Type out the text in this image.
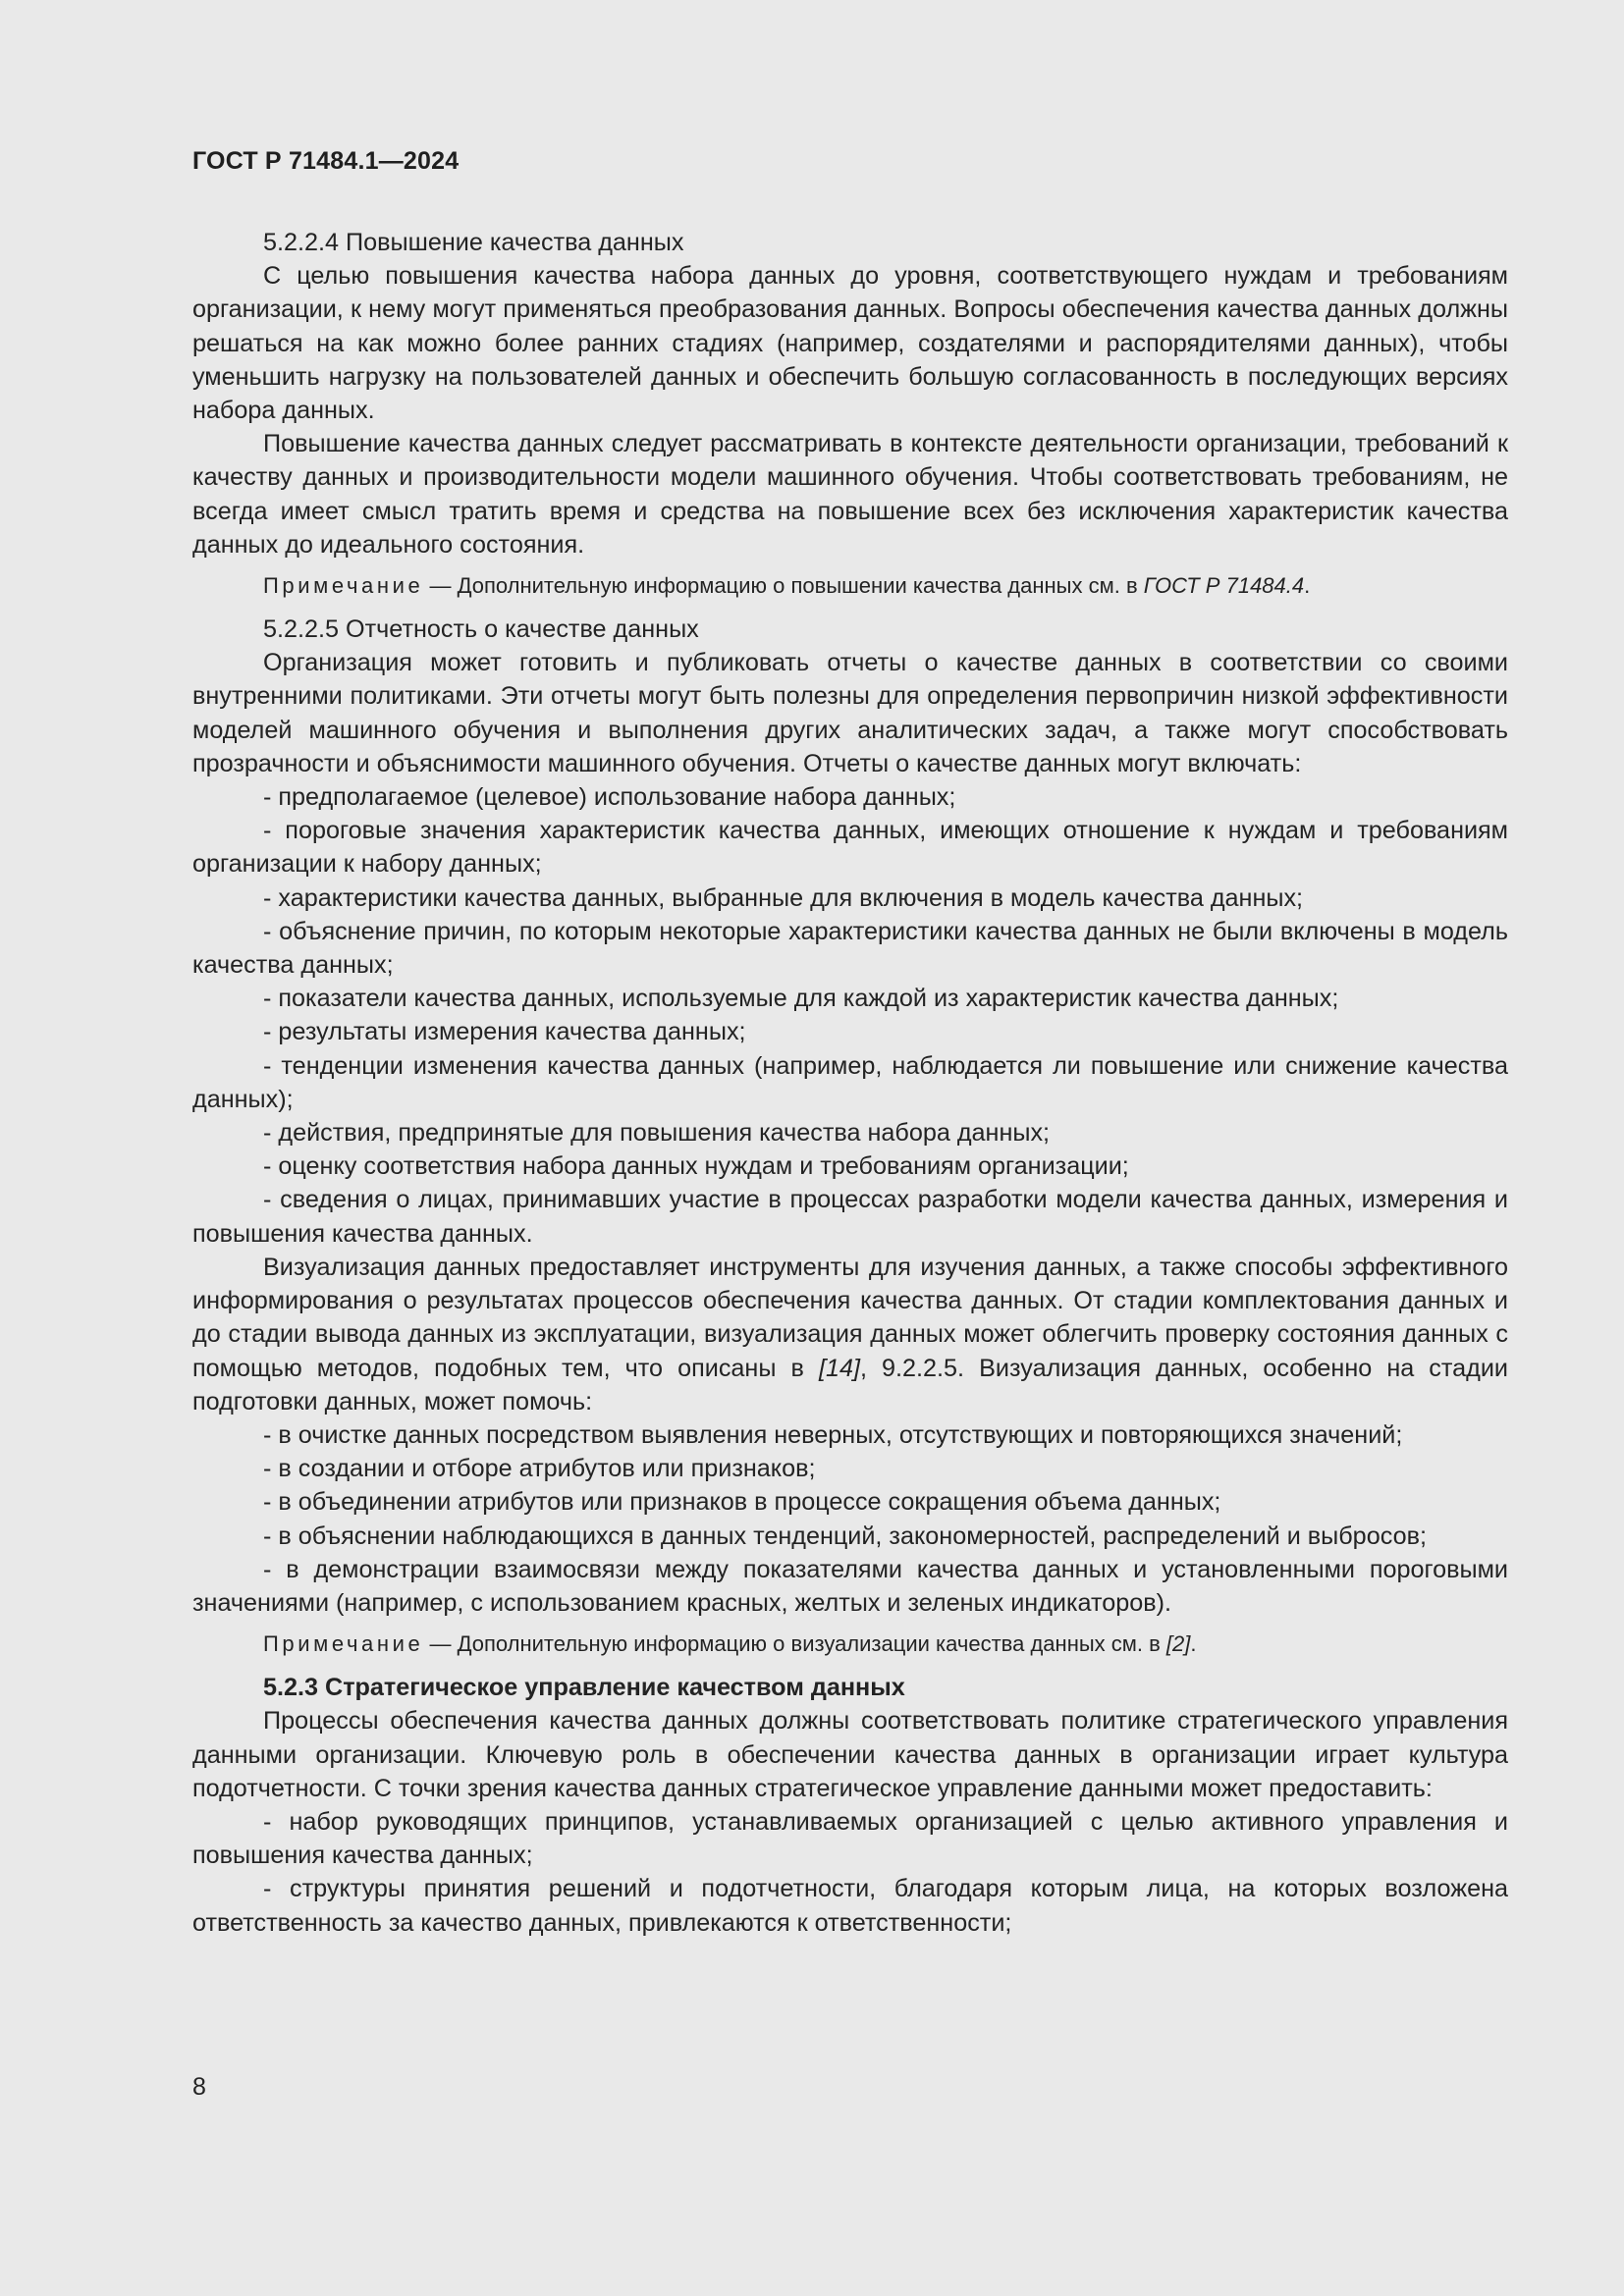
ГОСТ Р 71484.1—2024

5.2.2.4 Повышение качества данных

С целью повышения качества набора данных до уровня, соответствующего нуждам и требованиям организации, к нему могут применяться преобразования данных. Вопросы обеспечения качества данных должны решаться на как можно более ранних стадиях (например, создателями и распорядителями данных), чтобы уменьшить нагрузку на пользователей данных и обеспечить большую согласованность в последующих версиях набора данных.

Повышение качества данных следует рассматривать в контексте деятельности организации, требований к качеству данных и производительности модели машинного обучения. Чтобы соответствовать требованиям, не всегда имеет смысл тратить время и средства на повышение всех без исключения характеристик качества данных до идеального состояния.

Примечание — Дополнительную информацию о повышении качества данных см. в ГОСТ Р 71484.4.

5.2.2.5 Отчетность о качестве данных

Организация может готовить и публиковать отчеты о качестве данных в соответствии со своими внутренними политиками. Эти отчеты могут быть полезны для определения первопричин низкой эффективности моделей машинного обучения и выполнения других аналитических задач, а также могут способствовать прозрачности и объяснимости машинного обучения. Отчеты о качестве данных могут включать:

- предполагаемое (целевое) использование набора данных;

- пороговые значения характеристик качества данных, имеющих отношение к нуждам и требованиям организации к набору данных;

- характеристики качества данных, выбранные для включения в модель качества данных;

- объяснение причин, по которым некоторые характеристики качества данных не были включены в модель качества данных;

- показатели качества данных, используемые для каждой из характеристик качества данных;

- результаты измерения качества данных;

- тенденции изменения качества данных (например, наблюдается ли повышение или снижение качества данных);

- действия, предпринятые для повышения качества набора данных;

- оценку соответствия набора данных нуждам и требованиям организации;

- сведения о лицах, принимавших участие в процессах разработки модели качества данных, измерения и повышения качества данных.

Визуализация данных предоставляет инструменты для изучения данных, а также способы эффективного информирования о результатах процессов обеспечения качества данных. От стадии комплектования данных и до стадии вывода данных из эксплуатации, визуализация данных может облегчить проверку состояния данных с помощью методов, подобных тем, что описаны в [14], 9.2.2.5. Визуализация данных, особенно на стадии подготовки данных, может помочь:

- в очистке данных посредством выявления неверных, отсутствующих и повторяющихся значений;

- в создании и отборе атрибутов или признаков;

- в объединении атрибутов или признаков в процессе сокращения объема данных;

- в объяснении наблюдающихся в данных тенденций, закономерностей, распределений и выбросов;

- в демонстрации взаимосвязи между показателями качества данных и установленными пороговыми значениями (например, с использованием красных, желтых и зеленых индикаторов).

Примечание — Дополнительную информацию о визуализации качества данных см. в [2].

5.2.3 Стратегическое управление качеством данных

Процессы обеспечения качества данных должны соответствовать политике стратегического управления данными организации. Ключевую роль в обеспечении качества данных в организации играет культура подотчетности. С точки зрения качества данных стратегическое управление данными может предоставить:

- набор руководящих принципов, устанавливаемых организацией с целью активного управления и повышения качества данных;

- структуры принятия решений и подотчетности, благодаря которым лица, на которых возложена ответственность за качество данных, привлекаются к ответственности;

8
